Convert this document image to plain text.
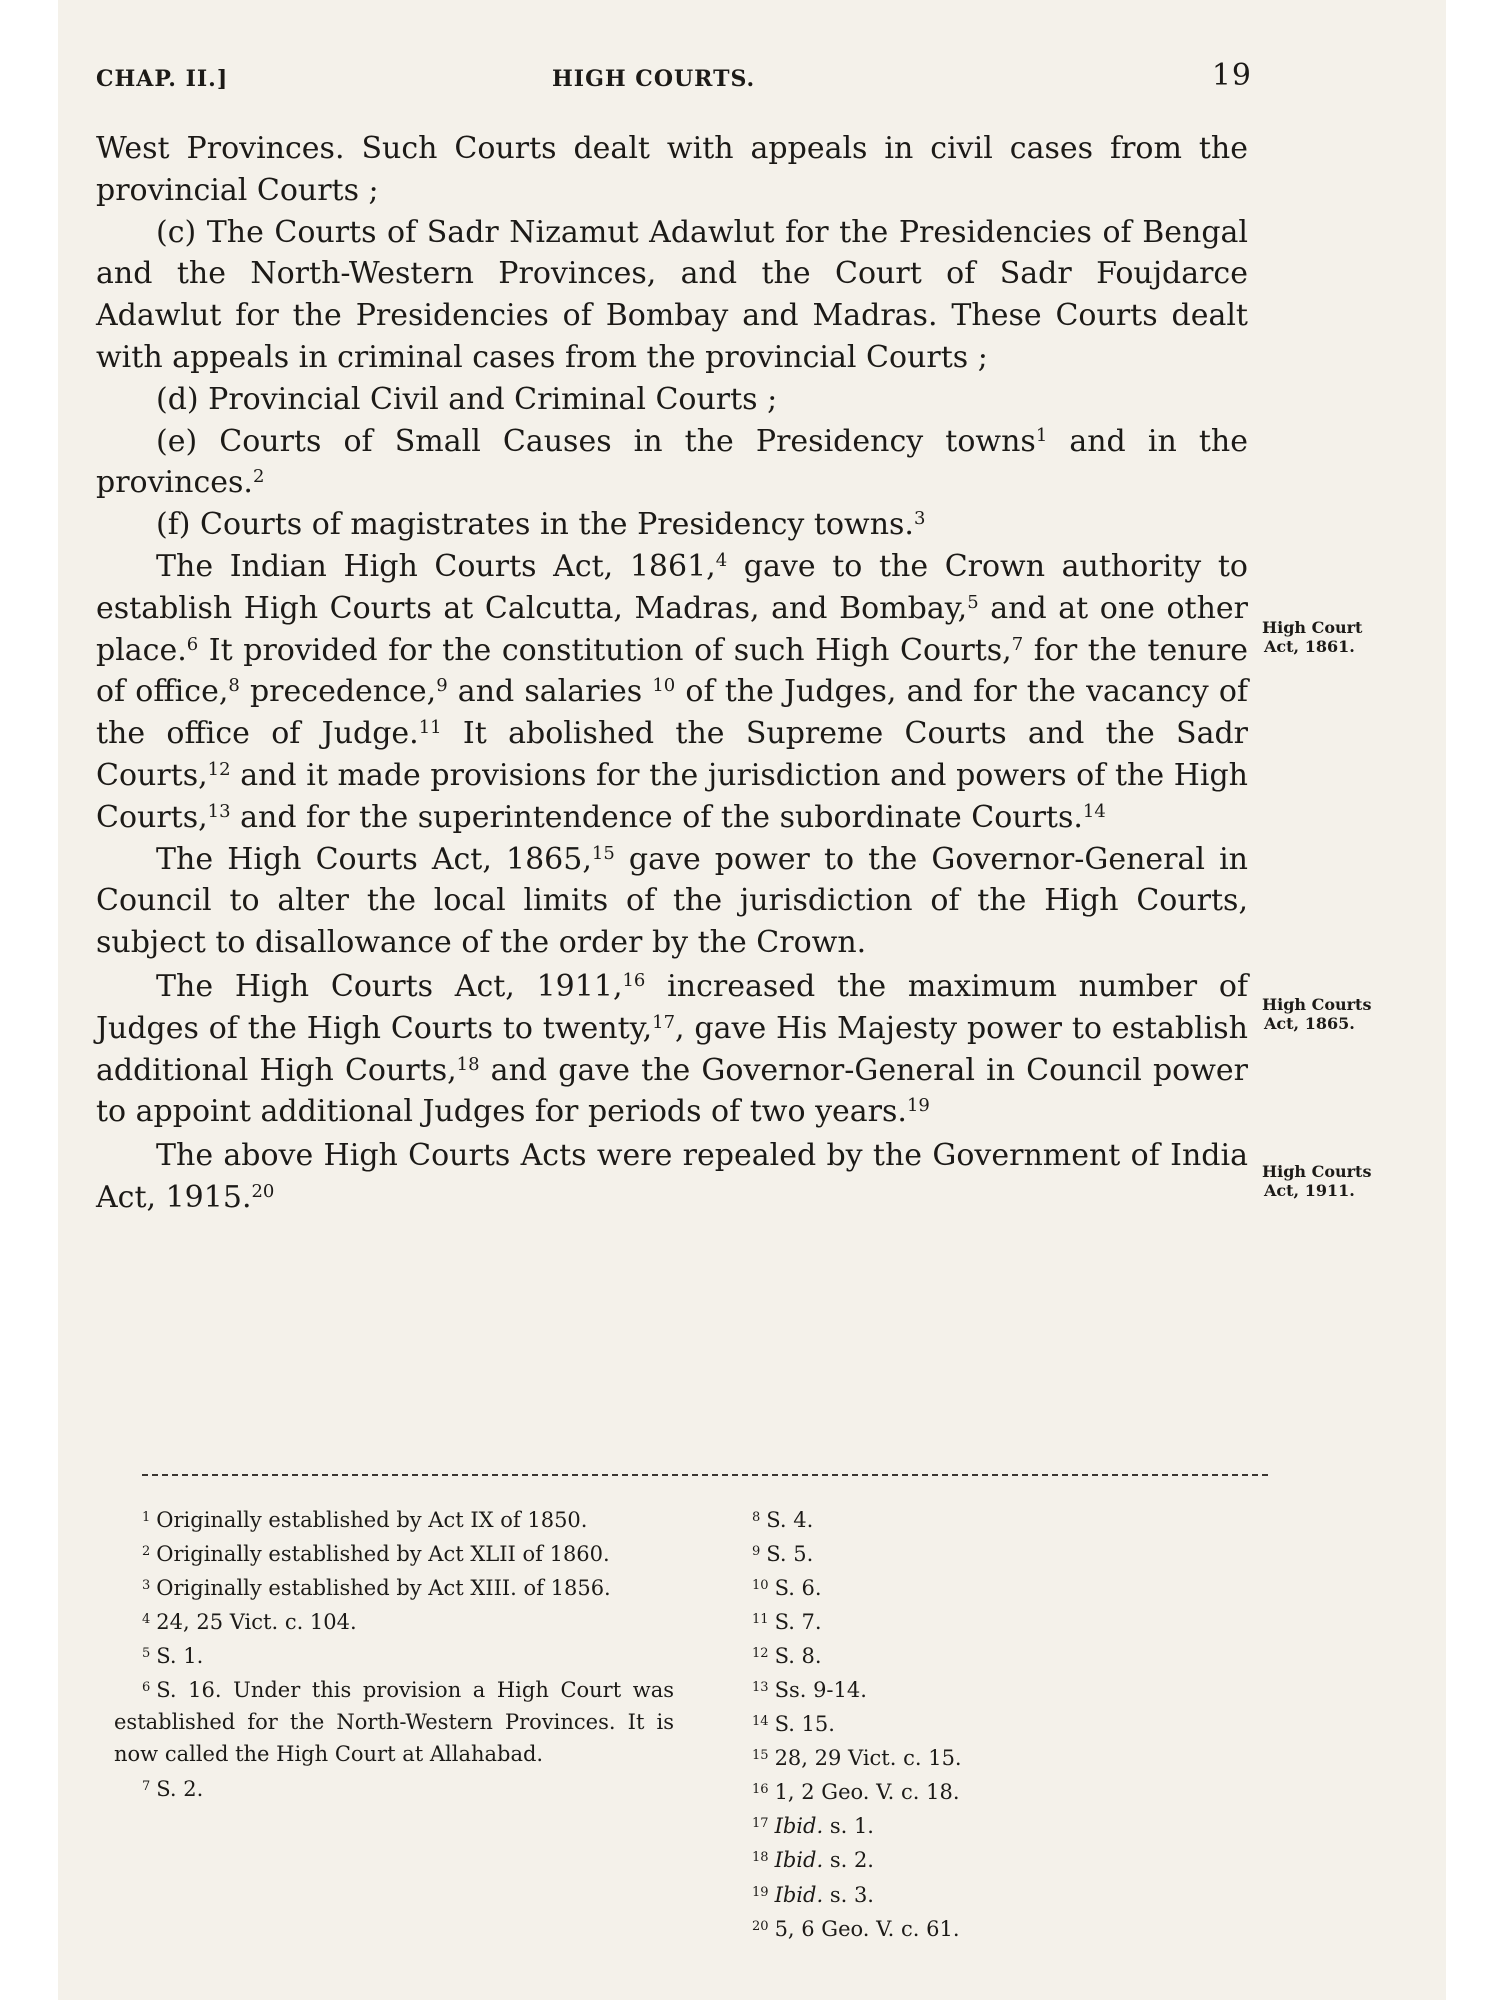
CHAP. II.]	HIGH COURTS.	19

West Provinces. Such Courts dealt with appeals in civil cases from the provincial Courts ;

(c) The Courts of Sadr Nizamut Adawlut for the Presidencies of Bengal and the North-Western Provinces, and the Court of Sadr Foujdarce Adawlut for the Presidencies of Bombay and Madras. These Courts dealt with appeals in criminal cases from the provincial Courts ;

(d) Provincial Civil and Criminal Courts ;

(e) Courts of Small Causes in the Presidency towns$^1$ and in the provinces.$^2$

(f) Courts of magistrates in the Presidency towns.$^3$

The Indian High Courts Act, 1861,$^4$ gave to the Crown authority to establish High Courts at Calcutta, Madras, and Bombay,$^5$ and at one other place.$^6$ It provided for the constitution of such High Courts,$^7$ for the tenure of office,$^8$ precedence,$^9$ and salaries $^{10}$ of the Judges, and for the vacancy of the office of Judge.$^{11}$ It abolished the Supreme Courts and the Sadr Courts,$^{12}$ and it made provisions for the jurisdiction and powers of the High Courts,$^{13}$ and for the superintendence of the subordinate Courts.$^{14}$

The High Courts Act, 1865,15 gave power to the Governor-General in Council to alter the local limits of the jurisdiction of the High Courts, subject to disallowance of the order by the Crown.

The High Courts Act, 1911,16 increased the maximum number of Judges of the High Courts to twenty,$^{17}$, gave His Majesty power to establish additional High Courts,$^{18}$ and gave the Governor-General in Council power to appoint additional Judges for periods of two years.$^{19}$

The above High Courts Acts were repealed by the Government of India Act, 1915.20

High Court
Act, 1861.
High Courts
Act, 1865.
High Courts
Act, 1911.

$^1$ Originally established by Act IX of 1850.

$^2$ Originally established by Act XLII of 1860.

$^3$ Originally established by Act XIII. of 1856.

$^4$ 24, 25 Vict. c. 104.

$^5$ S. 1.

$^6$ S. 16. Under this provision a High Court was established for the North-Western Provinces. It is now called the High Court at Allahabad.

$^7$ S. 2.

$^8$ S. 4.

$^9$ S. 5.

$^{10}$ S. 6.

$^{11}$ S. 7.

$^{12}$ S. 8.

$^{13}$ Ss. 9-14.

$^{14}$ S. 15.

$^{15}$ 28, 29 Vict. c. 15.

$^{16}$ 1, 2 Geo. V. c. 18.

$^{17}$ Ibid. s. 1.

$^{18}$ Ibid. s. 2.

$^{19}$ Ibid. s. 3.

$^{20}$ 5, 6 Geo. V. c. 61.
